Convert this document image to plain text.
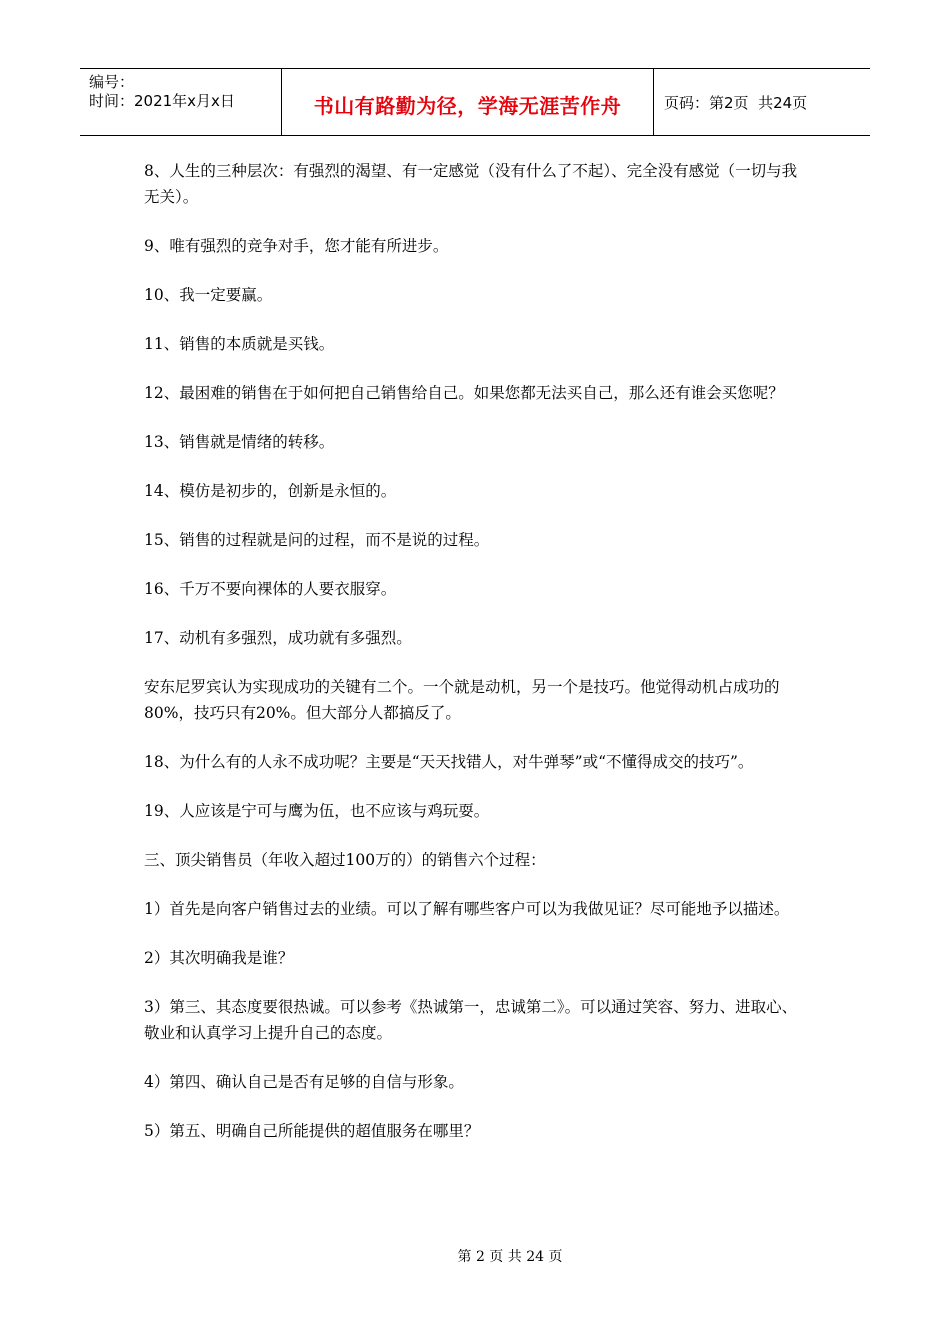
编号：
时间：2021年x月x日	书山有路勤为径，学海无涯苦作舟	页码：第2页  共24页

8、人生的三种层次：有强烈的渴望、有一定感觉（没有什么了不起）、完全没有感觉（一切与我无关）。

9、唯有强烈的竞争对手，您才能有所进步。

10、我一定要赢。

11、销售的本质就是买钱。

12、最困难的销售在于如何把自己销售给自己。如果您都无法买自己，那么还有谁会买您呢？

13、销售就是情绪的转移。

14、模仿是初步的，创新是永恒的。

15、销售的过程就是问的过程，而不是说的过程。

16、千万不要向裸体的人要衣服穿。

17、动机有多强烈，成功就有多强烈。

安东尼罗宾认为实现成功的关键有二个。一个就是动机，另一个是技巧。他觉得动机占成功的80%，技巧只有20%。但大部分人都搞反了。

18、为什么有的人永不成功呢？主要是“天天找错人，对牛弹琴”或“不懂得成交的技巧”。

19、人应该是宁可与鹰为伍，也不应该与鸡玩耍。

三、顶尖销售员（年收入超过100万的）的销售六个过程：

1）首先是向客户销售过去的业绩。可以了解有哪些客户可以为我做见证？尽可能地予以描述。

2）其次明确我是谁？

3）第三、其态度要很热诚。可以参考《热诚第一，忠诚第二》。可以通过笑容、努力、进取心、敬业和认真学习上提升自己的态度。

4）第四、确认自己是否有足够的自信与形象。

5）第五、明确自己所能提供的超值服务在哪里？

第 2 页 共 24 页
